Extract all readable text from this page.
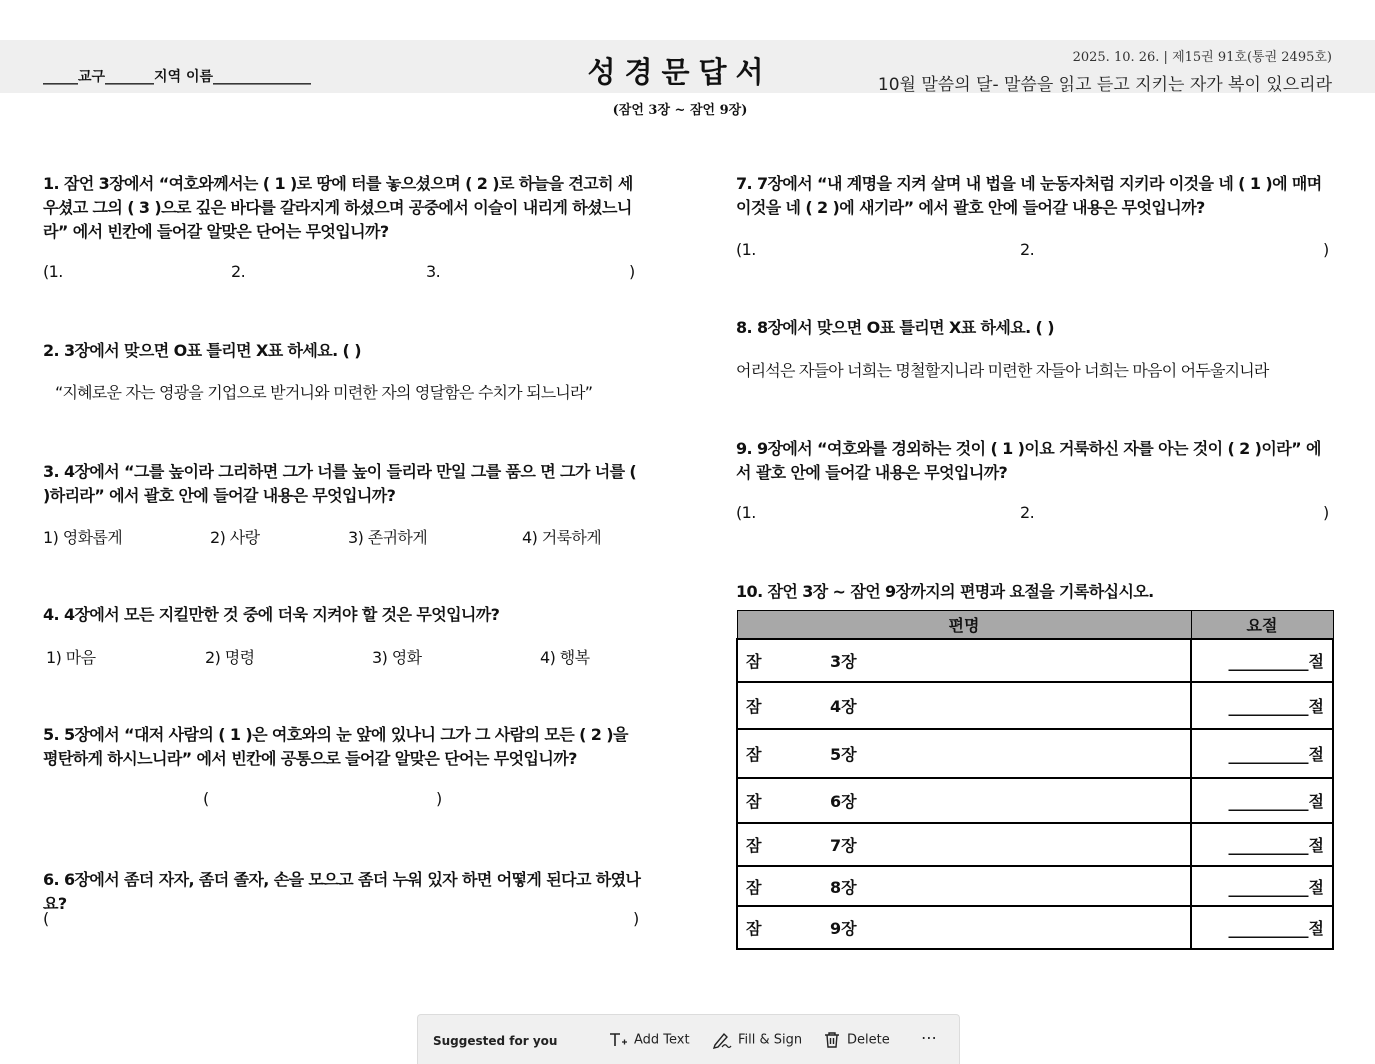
_____교구_______지역 이름______________	성경문답서
(잠언 3장 ~ 잠언 9장)
2025. 10. 26. | 제15권 91호(통권 2495호)
10월 말씀의 달- 말씀을 읽고 듣고 지키는 자가 복이 있으리라
1. 잠언 3장에서 “여호와께서는 ( 1 )로 땅에 터를 놓으셨으며 ( 2 )로 하늘을 견고히 세우셨고 그의 ( 3 )으로 깊은 바다를 갈라지게 하셨으며 공중에서 이슬이 내리게 하셨느니라” 에서 빈칸에 들어갈 알맞은 단어는 무엇입니까?
(1.	2.	3.	)
2. 3장에서 맞으면 O표 틀리면 X표 하세요. ( )
“지혜로운 자는 영광을 기업으로 받거니와 미련한 자의 영달함은 수치가 되느니라”
3. 4장에서 “그를 높이라 그리하면 그가 너를 높이 들리라 만일 그를 품으 면 그가 너를 ( )하리라” 에서 괄호 안에 들어갈 내용은 무엇입니까?
1) 영화롭게	2) 사랑	3) 존귀하게	4) 거룩하게
4. 4장에서 모든 지킬만한 것 중에 더욱 지켜야 할 것은 무엇입니까?
1) 마음	2) 명령	3) 영화	4) 행복
5. 5장에서 “대저 사람의 ( 1 )은 여호와의 눈 앞에 있나니 그가 그 사람의 모든 ( 2 )을 평탄하게 하시느니라” 에서 빈칸에 공통으로 들어갈 알맞은 단어는 무엇입니까?
(	)
6. 6장에서 좀더 자자, 좀더 졸자, 손을 모으고 좀더 누워 있자 하면 어떻게 된다고 하였나요?
(	)
7. 7장에서 “내 계명을 지켜 살며 내 법을 네 눈동자처럼 지키라 이것을 네 ( 1 )에 매며 이것을 네 ( 2 )에 새기라” 에서 괄호 안에 들어갈 내용은 무엇입니까?
(1.	2.	)
8. 8장에서 맞으면 O표 틀리면 X표 하세요. ( )
어리석은 자들아 너희는 명철할지니라 미련한 자들아 너희는 마음이 어두울지니라
9. 9장에서 “여호와를 경외하는 것이 ( 1 )이요 거룩하신 자를 아는 것이 ( 2 )이라” 에서 괄호 안에 들어갈 내용은 무엇입니까?
(1.	2.	)
10. 잠언 3장 ~ 잠언 9장까지의 편명과 요절을 기록하십시오.
편명	요절
잠 3장	__________절
잠 4장	__________절
잠 5장	__________절
잠 6장	__________절
잠 7장	__________절
잠 8장	__________절
잠 9장	__________절
Suggested for you	Add Text	Fill & Sign	Delete ⋯
